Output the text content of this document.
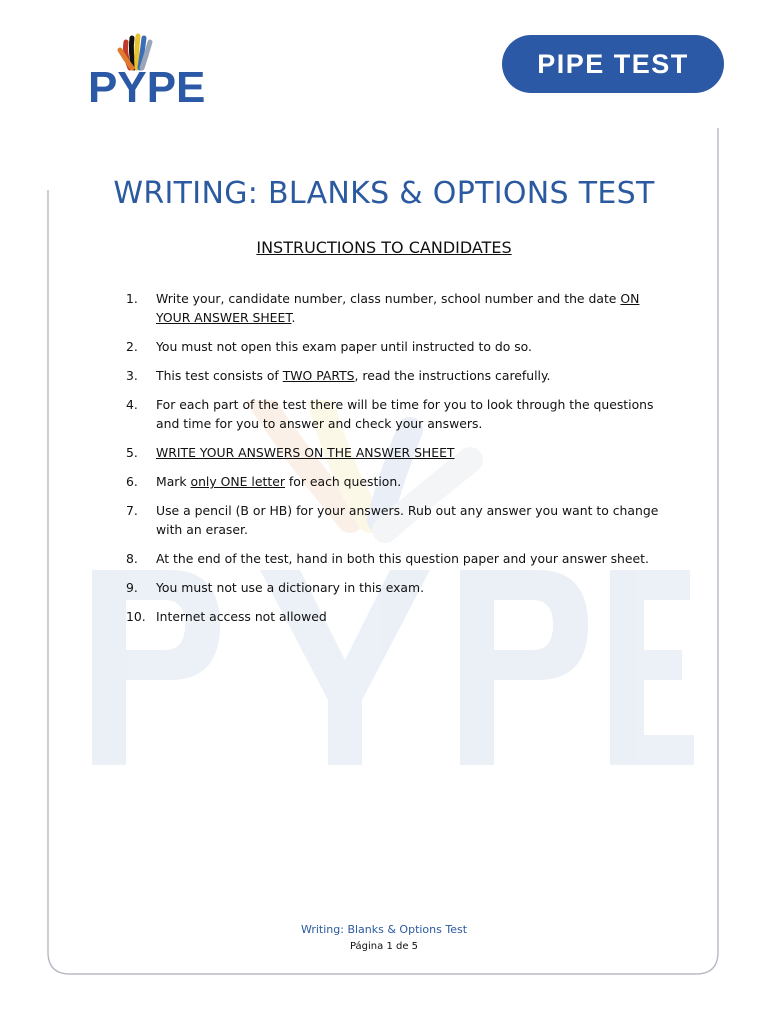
PYPE	PIPE TEST
WRITING: BLANKS & OPTIONS TEST
INSTRUCTIONS TO CANDIDATES
1.	Write your, candidate number, class number, school number and the date ON YOUR ANSWER SHEET.
2.	You must not open this exam paper until instructed to do so.
3.	This test consists of TWO PARTS, read the instructions carefully.
4.	For each part of the test there will be time for you to look through the questions and time for you to answer and check your answers.
5.	WRITE YOUR ANSWERS ON THE ANSWER SHEET
6.	Mark only ONE letter for each question.
7.	Use a pencil (B or HB) for your answers. Rub out any answer you want to change with an eraser.
8.	At the end of the test, hand in both this question paper and your answer sheet.
9.	You must not use a dictionary in this exam.
10. Internet access not allowed
Writing: Blanks & Options Test
Página 1 de 5
